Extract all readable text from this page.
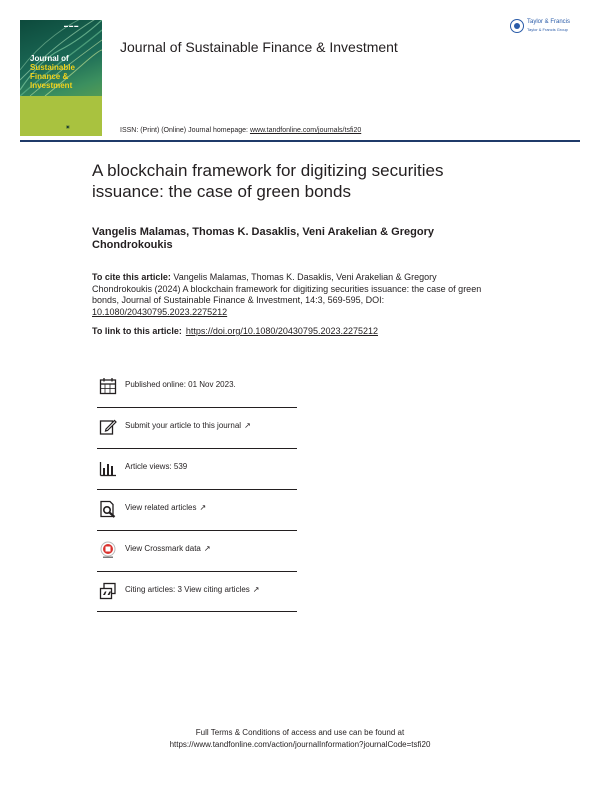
▬ ▬ ▬
Journal of Sustainable
Finance &
Investment
▣
Journal of Sustainable Finance & Investment
Taylor & Francis
Taylor & Francis Group
ISSN: (Print) (Online) Journal homepage: www.tandfonline.com/journals/tsfi20
A blockchain framework for digitizing securities issuance: the case of green bonds
Vangelis Malamas, Thomas K. Dasaklis, Veni Arakelian & Gregory Chondrokoukis
To cite this article: Vangelis Malamas, Thomas K. Dasaklis, Veni Arakelian & Gregory Chondrokoukis (2024) A blockchain framework for digitizing securities issuance: the case of green bonds, Journal of Sustainable Finance & Investment, 14:3, 569-595, DOI: 10.1080/20430795.2023.2275212
To link to this article: https://doi.org/10.1080/20430795.2023.2275212
Published online: 01 Nov 2023.
Submit your article to this journal ↗
Article views: 539
View related articles ↗
View Crossmark data ↗
Citing articles: 3 View citing articles ↗
Full Terms & Conditions of access and use can be found at
https://www.tandfonline.com/action/journalInformation?journalCode=tsfi20
